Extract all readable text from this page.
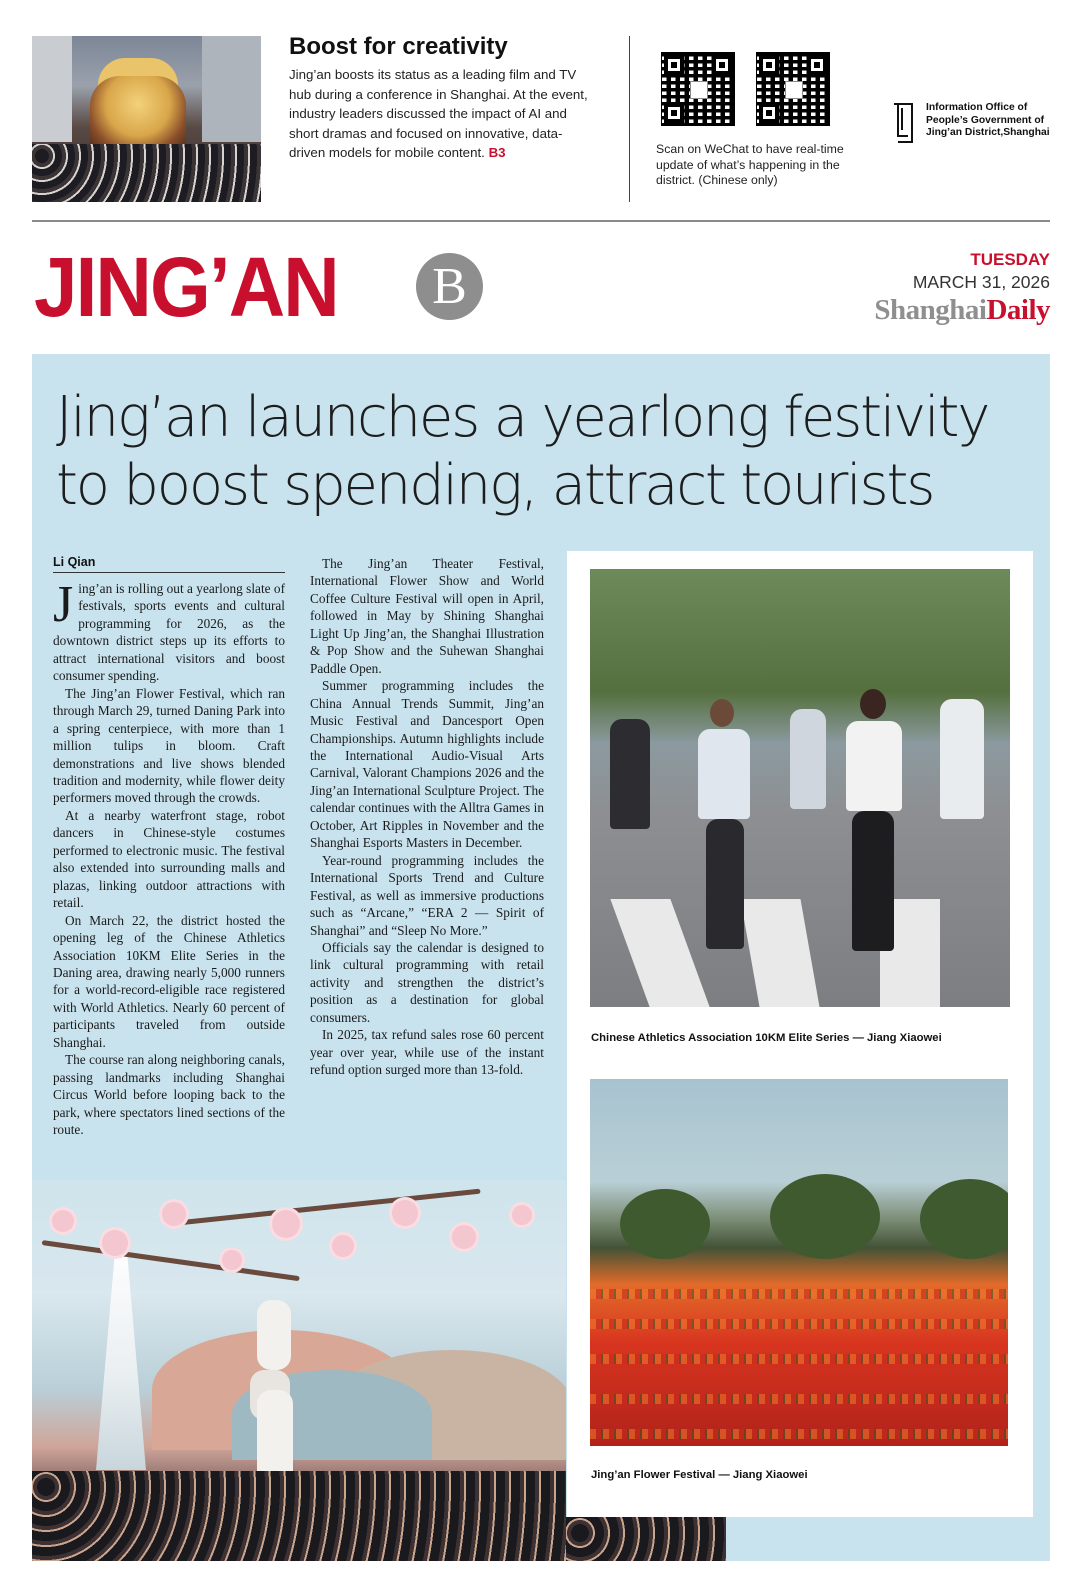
Boost for creativity
Jing’an boosts its status as a leading film and TV hub during a conference in Shanghai. At the event, industry leaders discussed the impact of AI and short dramas and focused on innovative, data-driven models for mobile content. B3	Scan on WeChat to have real-time update of what’s happening in the district. (Chinese only)
Information Office of
People’s Government of
Jing’an District,Shanghai
JING’AN	B	TUESDAY
MARCH 31, 2026
ShanghaiDaily
Jing’an launches a yearlong festivity to boost spending, attract tourists
Li Qian

Jing’an is rolling out a yearlong slate of festivals, sports events and cultural programming for 2026, as the downtown district steps up its efforts to attract international visitors and boost consumer spending.

The Jing’an Flower Festival, which ran through March 29, turned Daning Park into a spring centerpiece, with more than 1 million tulips in bloom. Craft demonstrations and live shows blended tradition and modernity, while flower deity performers moved through the crowds.

At a nearby waterfront stage, robot dancers in Chinese-style costumes performed to electronic music. The festival also extended into surrounding malls and plazas, linking outdoor attractions with retail.

On March 22, the district hosted the opening leg of the Chinese Athletics Association 10KM Elite Series in the Daning area, drawing nearly 5,000 runners for a world-record-eligible race registered with World Athletics. Nearly 60 percent of participants traveled from outside Shanghai.

The course ran along neighboring canals, passing landmarks including Shanghai Circus World before looping back to the park, where spectators lined sections of the route.

The Jing’an Theater Festival, International Flower Show and World Coffee Culture Festival will open in April, followed in May by Shining Shanghai Light Up Jing’an, the Shanghai Illustration & Pop Show and the Suhewan Shanghai Paddle Open.

Summer programming includes the China Annual Trends Summit, Jing’an Music Festival and Dancesport Open Championships. Autumn highlights include the International Audio-Visual Arts Carnival, Valorant Champions 2026 and the Jing’an International Sculpture Project. The calendar continues with the Alltra Games in October, Art Ripples in November and the Shanghai Esports Masters in December.

Year-round programming includes the International Sports Trend and Culture Festival, as well as immersive productions such as “Arcane,” “ERA 2 — Spirit of Shanghai” and “Sleep No More.”

Officials say the calendar is designed to link cultural programming with retail activity and strengthen the district’s position as a destination for global consumers.

In 2025, tax refund sales rose 60 percent year over year, while use of the instant refund option surged more than 13-fold.

Chinese Athletics Association 10KM Elite Series — Jiang Xiaowei
Jing’an Flower Festival — Jiang Xiaowei
